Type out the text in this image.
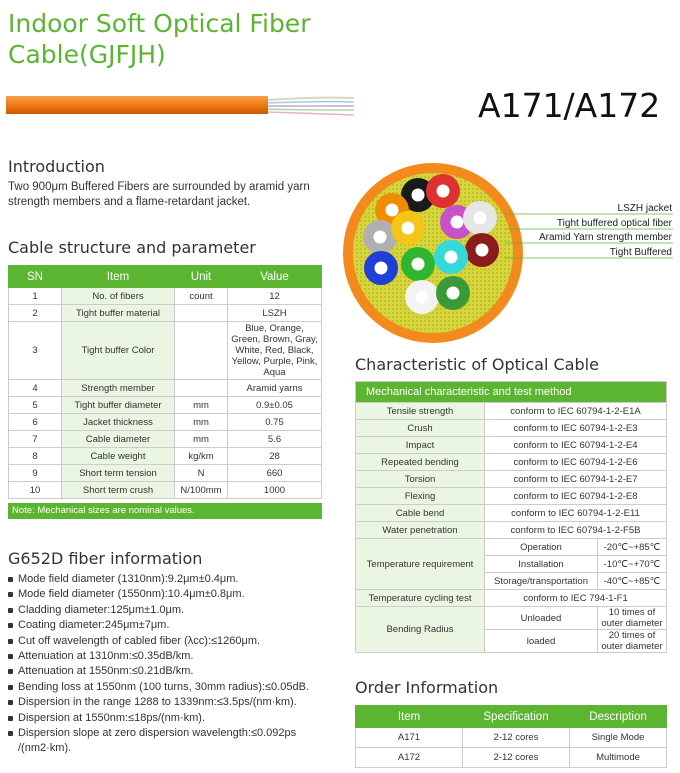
Indoor Soft Optical Fiber
Cable(GJFJH)
A171/A172
Introduction
Two 900μm Buffered Fibers are surrounded by aramid yarn strength members and a flame-retardant jacket.
LSZH jacket
Tight buffered optical fiber
Aramid Yarn strength member
Tight Buffered
Cable structure and parameter
SN	Item	Unit	Value
1	No. of fibers	count	12
2	Tight buffer material		LSZH
3	Tight buffer Color		Blue, Orange, Green, Brown, Gray, White, Red, Black, Yellow, Purple, Pink, Aqua
4	Strength member		Aramid yarns
5	Tight buffer diameter	mm	0.9±0.05
6	Jacket thickness	mm	0.75
7	Cable diameter	mm	5.6
8	Cable weight	kg/km	28
9	Short term tension	N	660
10	Short term crush	N/100mm	1000
Note: Mechanical sizes are nominal values.
G652D fiber information
Mode field diameter (1310nm):9.2μm±0.4μm.
Mode field diameter (1550nm):10.4μm±0.8μm.
Cladding diameter:125μm±1.0μm.
Coating diameter:245μm±7μm.
Cut off wavelength of cabled fiber (λcc):≤1260μm.
Attenuation at 1310nm:≤0.35dB/km.
Attenuation at 1550nm:≤0.21dB/km.
Bending loss at 1550nm (100 turns, 30mm radius):≤0.05dB.
Dispersion in the range 1288 to 1339nm:≤3.5ps/(nm·km).
Dispersion at 1550nm:≤18ps/(nm·km).
Dispersion slope at zero dispersion wavelength:≤0.092ps /(nm2·km).
Characteristic of Optical Cable
Mechanical characteristic and test method		
Tensile strength	conform to IEC 60794-1-2-E1A	
Crush	conform to IEC 60794-1-2-E3	
Impact	conform to IEC 60794-1-2-E4	
Repeated bending	conform to IEC 60794-1-2-E6	
Torsion	conform to IEC 60794-1-2-E7	
Flexing	conform to IEC 60794-1-2-E8	
Cable bend	conform to IEC 60794-1-2-E11	
Water penetration	conform to IEC 60794-1-2-F5B	
Temperature requirement	Operation	-20℃~+85℃
	Installation	-10℃~+70℃
	Storage/transportation	-40℃~+85℃
Temperature cycling test	conform to IEC 794-1-F1	
Bending Radius	Unloaded	10 times of outer diameter
	loaded	20 times of outer diameter
Order Information
Item	Specification	Description
A171	2-12 cores	Single Mode
A172	2-12 cores	Multimode
